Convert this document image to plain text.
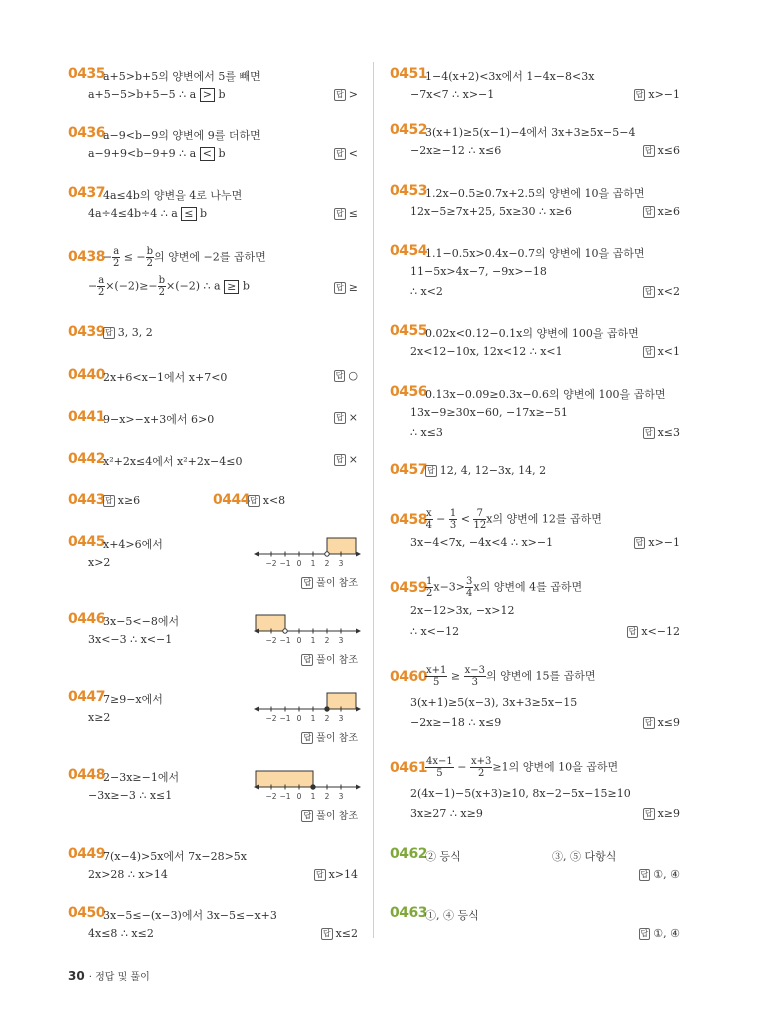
0435
a+5>b+5의 양변에서 5를 빼면
a+5−5>b+5−5 ∴ a > b	답 >
0436
a−9<b−9의 양변에 9를 더하면
a−9+9<b−9+9 ∴ a < b	답 <
0437
4a≤4b의 양변을 4로 나누면
4a÷4≤4b÷4 ∴ a ≤ b	답 ≤
0438
− $\frac{a}{2}$ ≤ − $\frac{b}{2}$ 의 양변에 −2를 곱하면
− $\frac{a}{2} \times(-2)\ge- \frac{b}{2} \times(-2)$ ∴ a ≥ b	답 ≥
0439 답 3, 3, 2
0440
2x+6<x−1에서 x+7<0	답 ○
0441
9−x>−x+3에서 6>0	답 ×
0442
x²+2x≤4에서 x²+2x−4≤0	답 ×
0443 답 x≥6	0444 답 x<8
0445
x+4>6에서
x>2	−2 −1 0 1 2 3
답 풀이 참조
0446
3x−5<−8에서
3x<−3 ∴ x<−1	−2 −1 0 1 2 3
답 풀이 참조
0447
7≥9−x에서
x≥2	−2 −1 0 1 2 3
답 풀이 참조
0448
2−3x≥−1에서
−3x≥−3 ∴ x≤1	−2 −1 0 1 2 3
답 풀이 참조
0449
7(x−4)>5x에서 7x−28>5x
2x>28 ∴ x>14	답 x>14
0450
3x−5≤−(x−3)에서 3x−5≤−x+3
4x≤8 ∴ x≤2	답 x≤2
0451
1−4(x+2)<3x에서 1−4x−8<3x
−7x<7 ∴ x>−1	답 x>−1
0452
3(x+1)≥5(x−1)−4에서 3x+3≥5x−5−4
−2x≥−12 ∴ x≤6	답 x≤6
0453
1.2x−0.5≥0.7x+2.5의 양변에 10을 곱하면
12x−5≥7x+25, 5x≥30 ∴ x≥6	답 x≥6
0454
1.1−0.5x>0.4x−0.7의 양변에 10을 곱하면
11−5x>4x−7, −9x>−18
∴ x<2	답 x<2
0455
0.02x<0.12−0.1x의 양변에 100을 곱하면
2x<12−10x, 12x<12 ∴ x<1	답 x<1
0456
0.13x−0.09≥0.3x−0.6의 양변에 100을 곱하면
13x−9≥30x−60, −17x≥−51
∴ x≤3	답 x≤3
0457 답 12, 4, 12−3x, 14, 2
0458
$\frac{x}{4} - \frac{1}{3} < \frac{7}{12}$ x의 양변에 12를 곱하면
3x−4<7x, −4x<4 ∴ x>−1	답 x>−1
0459
$\frac{1}{2} x-3> \frac{3}{4}$ x의 양변에 4를 곱하면
2x−12>3x, −x>12
∴ x<−12	답 x<−12
0460
$\frac{x+1}{5} \ge \frac{x-3}{3}$ 의 양변에 15를 곱하면
3(x+1)≥5(x−3), 3x+3≥5x−15
−2x≥−18 ∴ x≤9	답 x≤9
0461
$\frac{4x-1}{5} - \frac{x+3}{2} \ge 1$의 양변에 10을 곱하면
2(4x−1)−5(x+3)≥10, 8x−2−5x−15≥10
3x≥27 ∴ x≥9	답 x≥9
0462
② 등식	③, ⑤ 다항식
답 ①, ④
0463
①, ④ 등식
답 ①, ④
30 · 정답 및 풀이
